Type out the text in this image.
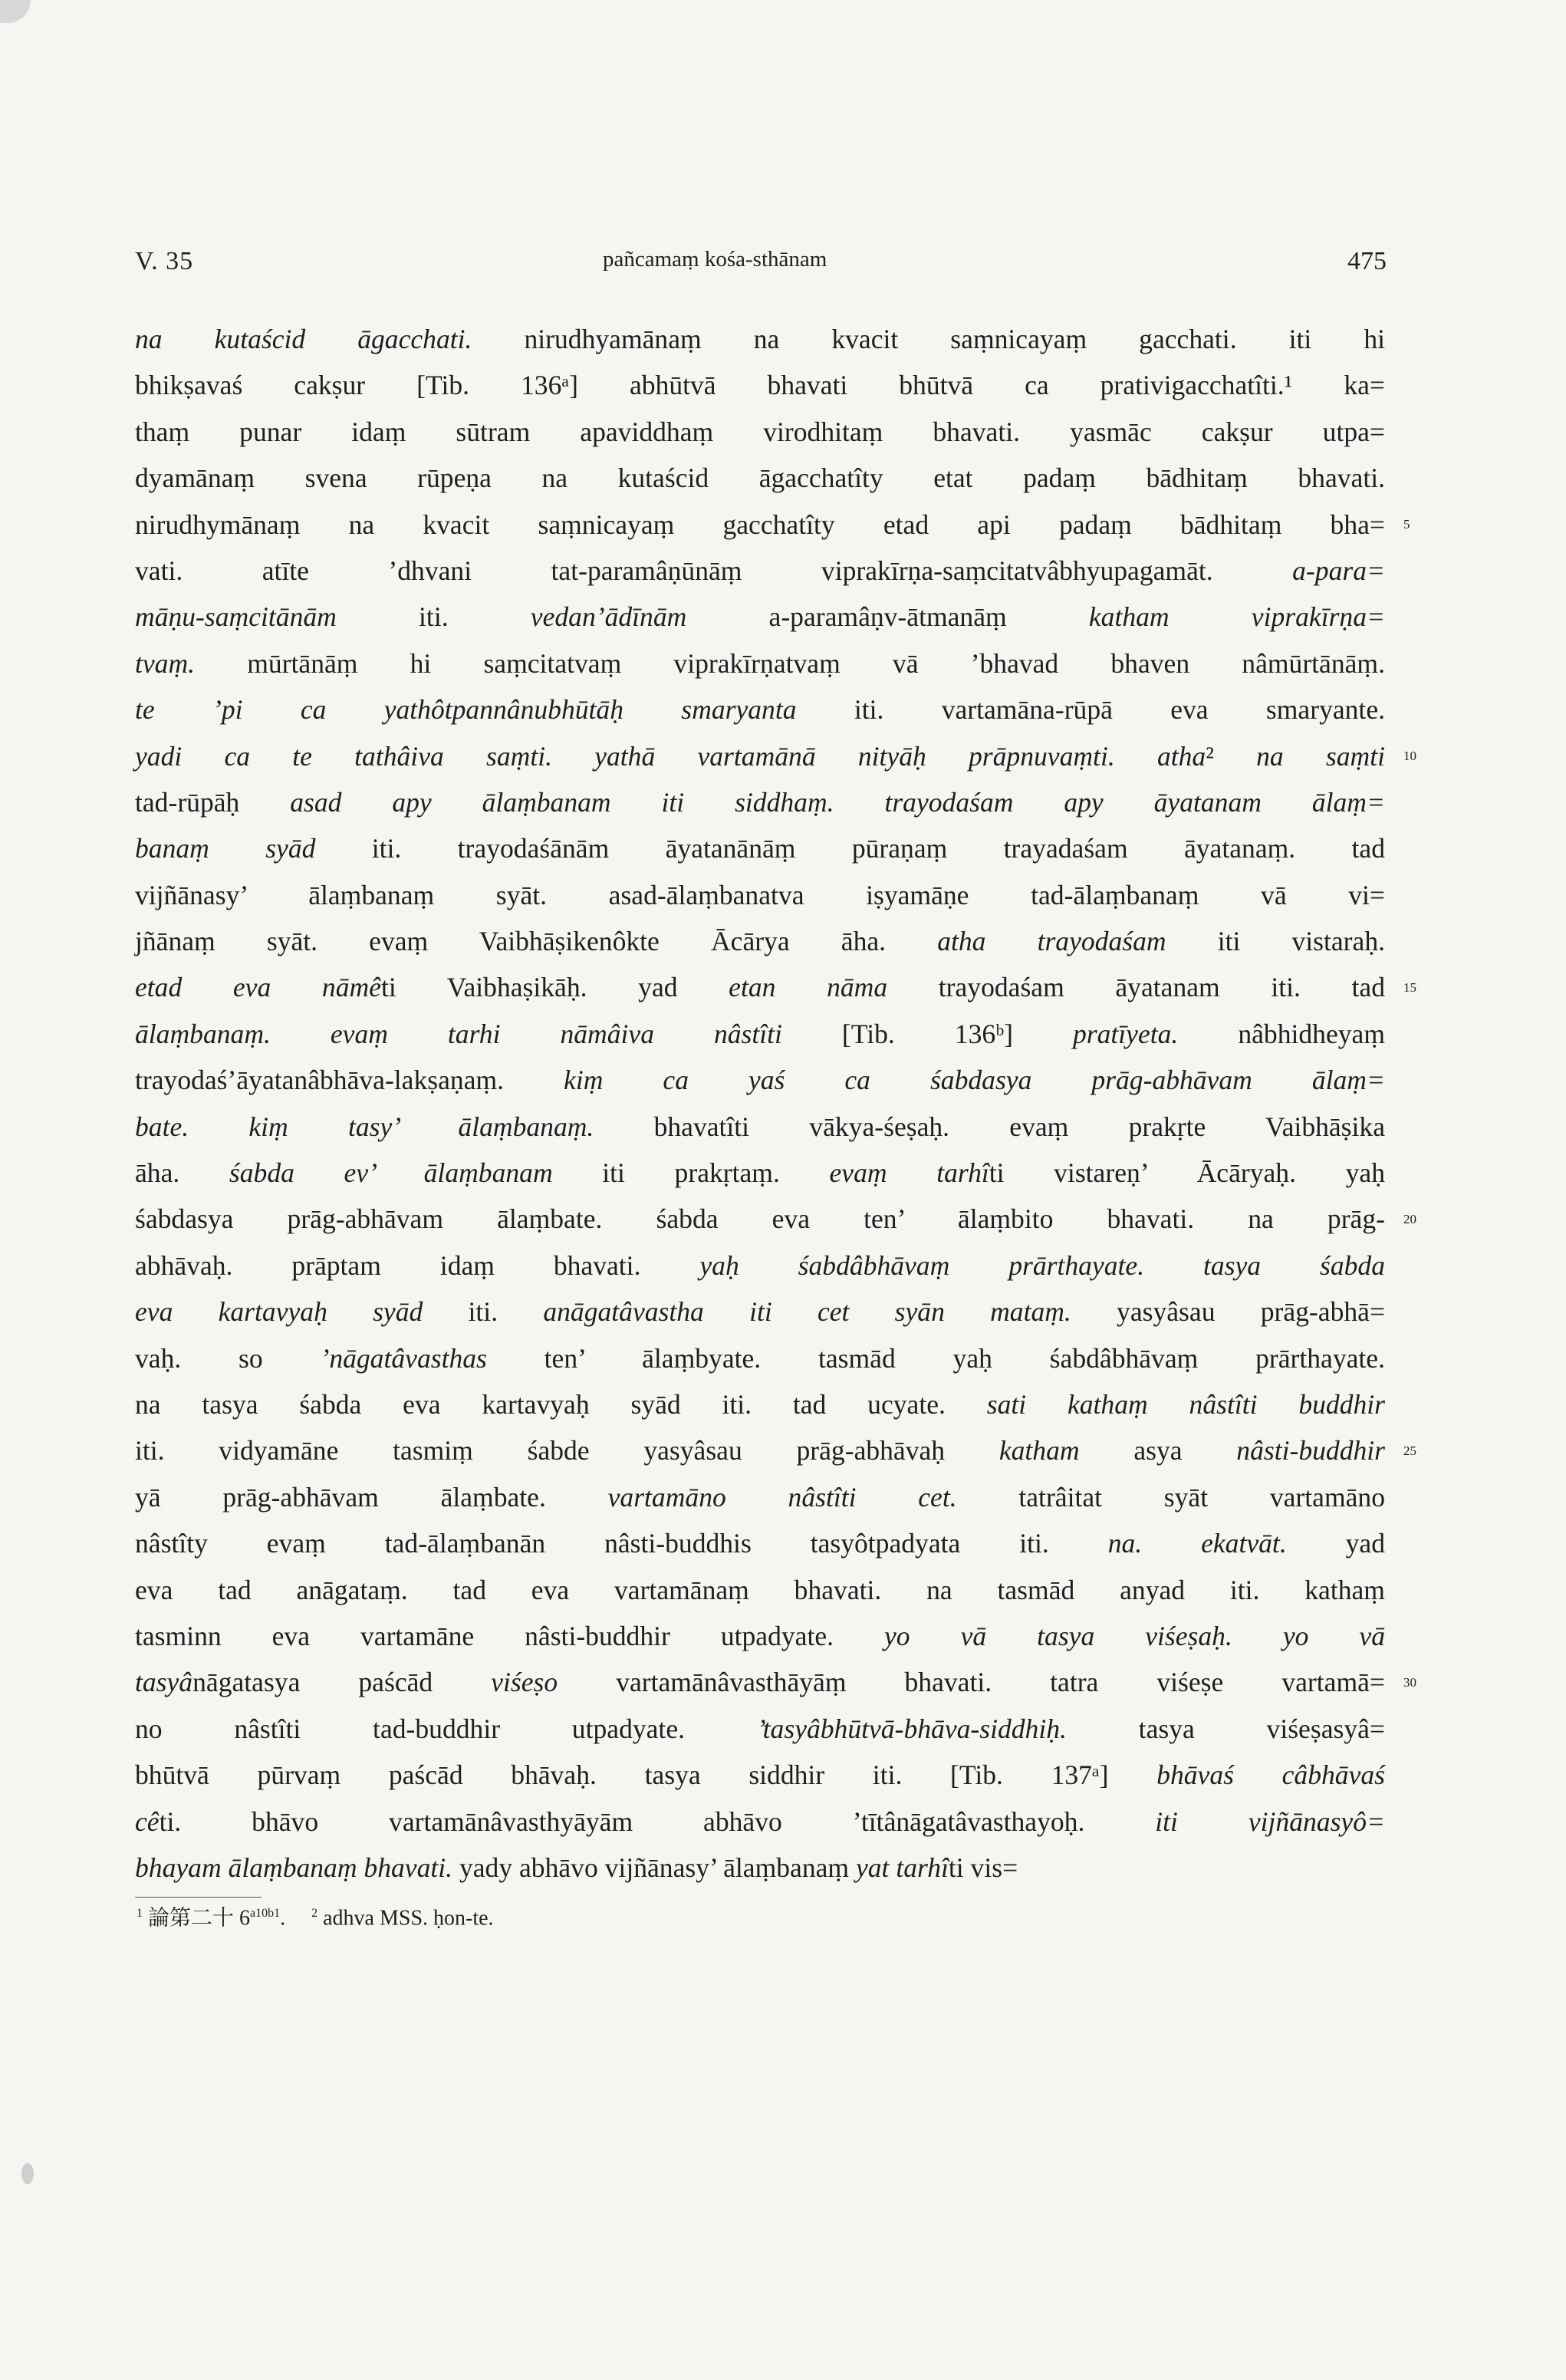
V. 35	pañcamaṃ kośa-sthānam	475
na kutaścid āgacchati. nirudhyamānaṃ na kvacit saṃnicayaṃ gacchati. iti hi
bhikṣavaś cakṣur [Tib. 136ᵃ] abhūtvā bhavati bhūtvā ca prativigacchatîti.¹ ka=
thaṃ punar idaṃ sūtram apaviddhaṃ virodhitaṃ bhavati. yasmāc cakṣur utpa=
dyamānaṃ svena rūpeṇa na kutaścid āgacchatîty etat padaṃ bādhitaṃ bhavati.
nirudhymānaṃ na kvacit saṃnicayaṃ gacchatîty etad api padaṃ bādhitaṃ bha=
vati. atīte ’dhvani tat-paramâṇūnāṃ viprakīrṇa-saṃcitatvâbhyupagamāt. a-para=
māṇu-saṃcitānām iti. vedan’ādīnām a-paramâṇv-ātmanāṃ katham viprakīrṇa=
tvaṃ. mūrtānāṃ hi saṃcitatvaṃ viprakīrṇatvaṃ vā ’bhavad bhaven nâmūrtānāṃ.
te ’pi ca yathôtpannânubhūtāḥ smaryanta iti. vartamāna-rūpā eva smaryante.
yadi ca te tathâiva saṃti. yathā vartamānā nityāḥ prāpnuvaṃti. atha² na saṃti
tad-rūpāḥ asad apy ālaṃbanam iti siddhaṃ. trayodaśam apy āyatanam ālaṃ=
banaṃ syād iti. trayodaśānām āyatanānāṃ pūraṇaṃ trayadaśam āyatanaṃ. tad
vijñānasy’ ālaṃbanaṃ syāt. asad-ālaṃbanatva iṣyamāṇe tad-ālaṃbanaṃ vā vi=
jñānaṃ syāt. evaṃ Vaibhāṣikenôkte Ācārya āha. atha trayodaśam iti vistaraḥ.
etad eva nāmêti Vaibhaṣikāḥ. yad etan nāma trayodaśam āyatanam iti. tad
ālaṃbanaṃ. evaṃ tarhi nāmâiva nâstîti [Tib. 136ᵇ] pratīyeta. nâbhidheyaṃ
trayodaś’āyatanâbhāva-lakṣaṇaṃ. kiṃ ca yaś ca śabdasya prāg-abhāvam ālaṃ=
bate. kiṃ tasy’ ālaṃbanaṃ. bhavatîti vākya-śeṣaḥ. evaṃ prakṛte Vaibhāṣika
āha. śabda ev’ ālaṃbanam iti prakṛtaṃ. evaṃ tarhîti vistareṇ’ Ācāryaḥ. yaḥ
śabdasya prāg-abhāvam ālaṃbate. śabda eva ten’ ālaṃbito bhavati. na prāg-
abhāvaḥ. prāptam idaṃ bhavati. yaḥ śabdâbhāvaṃ prārthayate. tasya śabda
eva kartavyaḥ syād iti. anāgatâvastha iti cet syān mataṃ. yasyâsau prāg-abhā=
vaḥ. so ’nāgatâvasthas ten’ ālaṃbyate. tasmād yaḥ śabdâbhāvaṃ prārthayate.
na tasya śabda eva kartavyaḥ syād iti. tad ucyate. sati kathaṃ nâstîti buddhir
iti. vidyamāne tasmiṃ śabde yasyâsau prāg-abhāvaḥ katham asya nâsti-buddhir
yā prāg-abhāvam ālaṃbate. vartamāno nâstîti cet. tatrâitat syāt vartamāno
nâstîty evaṃ tad-ālaṃbanān nâsti-buddhis tasyôtpadyata iti. na. ekatvāt. yad
eva tad anāgataṃ. tad eva vartamānaṃ bhavati. na tasmād anyad iti. kathaṃ
tasminn eva vartamāne nâsti-buddhir utpadyate. yo vā tasya viśeṣaḥ. yo vā
tasyânāgatasya paścād viśeṣo vartamānâvasthāyāṃ bhavati. tatra viśeṣe vartamā=
no nâstîti tad-buddhir utpadyate. ’tasyâbhūtvā-bhāva-siddhiḥ. tasya viśeṣasyâ=
bhūtvā pūrvaṃ paścād bhāvaḥ. tasya siddhir iti. [Tib. 137ᵃ] bhāvaś câbhāvaś
cêti. bhāvo vartamānâvasthyāyām abhāvo ’tītânāgatâvasthayoḥ. iti vijñānasyô=
bhayam ālaṃbanaṃ bhavati. yady abhāvo vijñānasy’ ālaṃbanaṃ yat tarhîti vis=
5
10
15
20
25
30
$^1$ 論第二十 $6^{a10b1}$. $^2$ adhva MSS. ḥon-te.
